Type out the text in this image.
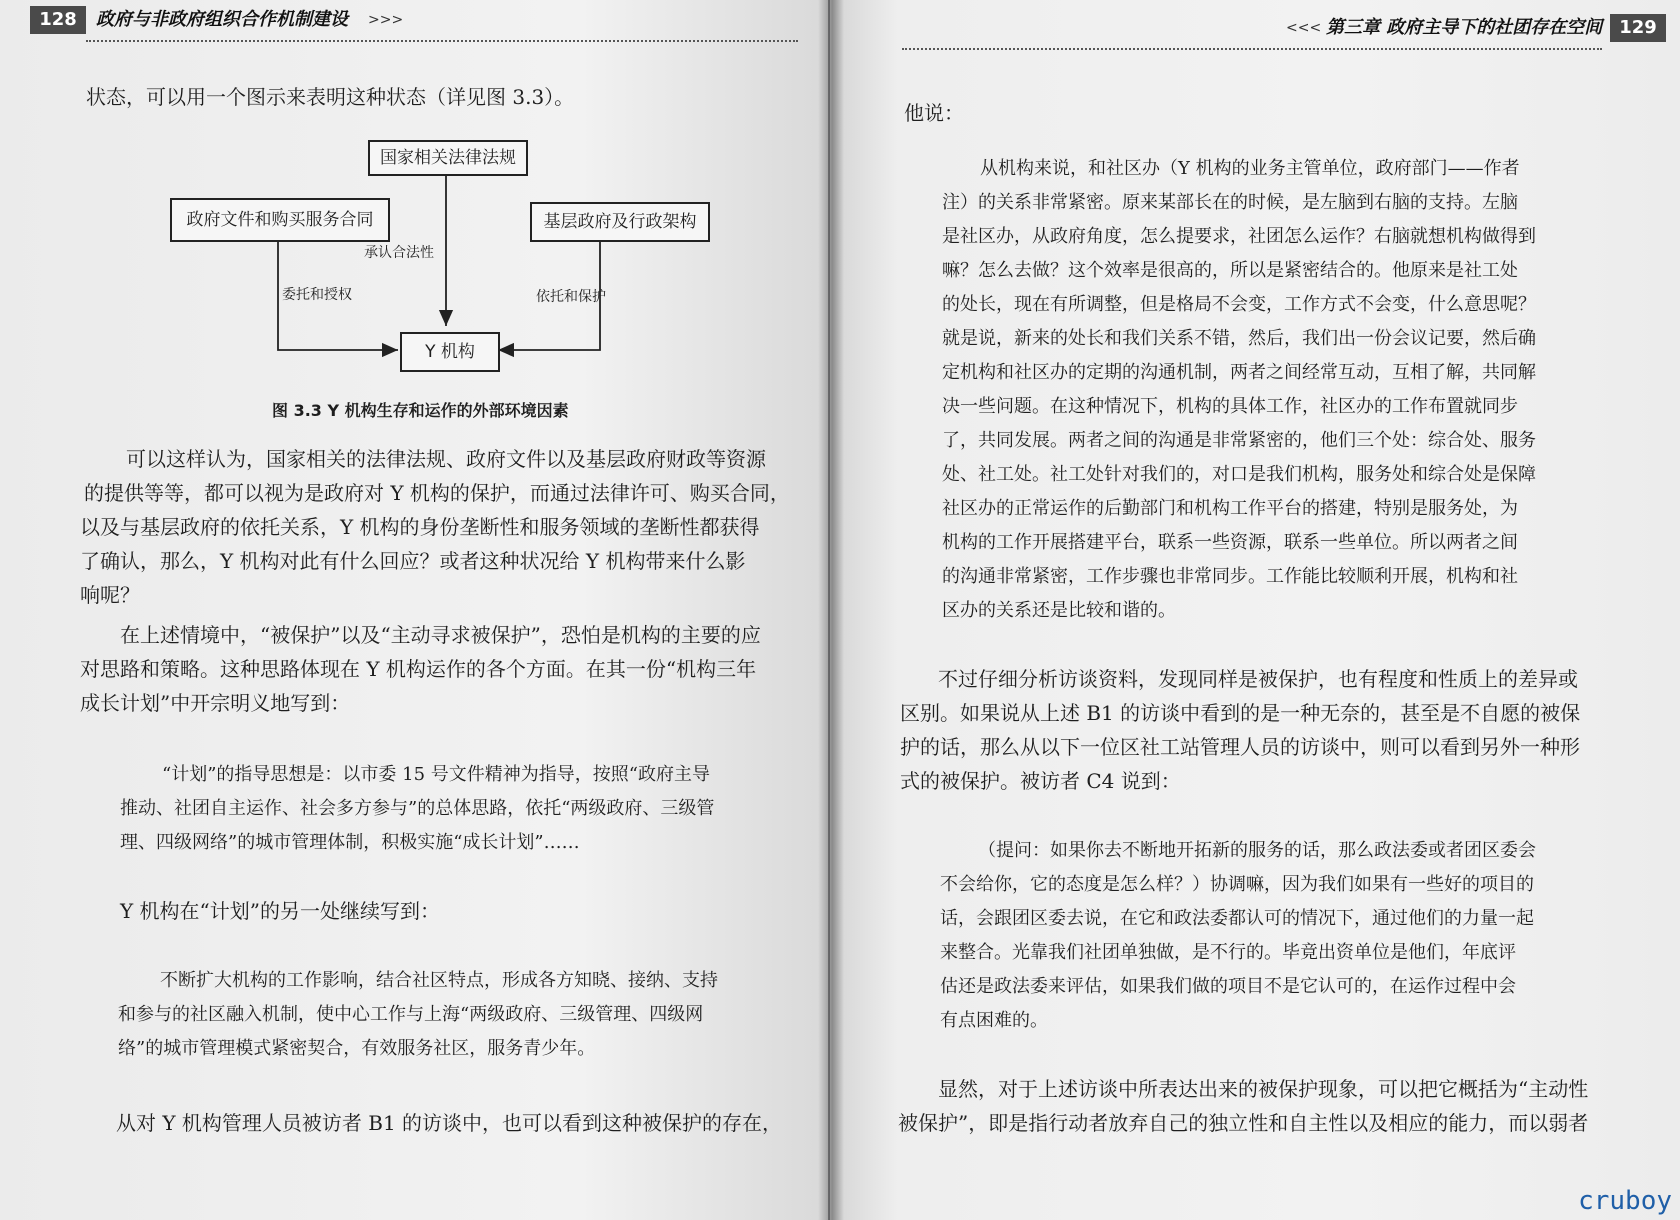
128	政府与非政府组织合作机制建设 >>>
状态，可以用一个图示来表明这种状态（详见图 3.3）。
国家相关法律法规
政府文件和购买服务合同	基层政府及行政架构
Y 机构
承认合法性
委托和授权	依托和保护
图 3.3 Y 机构生存和运作的外部环境因素
可以这样认为，国家相关的法律法规、政府文件以及基层政府财政等资源
的提供等等，都可以视为是政府对 Y 机构的保护，而通过法律许可、购买合同，
以及与基层政府的依托关系，Y 机构的身份垄断性和服务领域的垄断性都获得
了确认，那么，Y 机构对此有什么回应？或者这种状况给 Y 机构带来什么影
响呢？
在上述情境中，“被保护”以及“主动寻求被保护”，恐怕是机构的主要的应
对思路和策略。这种思路体现在 Y 机构运作的各个方面。在其一份“机构三年
成长计划”中开宗明义地写到：
“计划”的指导思想是：以市委 15 号文件精神为指导，按照“政府主导
推动、社团自主运作、社会多方参与”的总体思路，依托“两级政府、三级管
理、四级网络”的城市管理体制，积极实施“成长计划”……
Y 机构在“计划”的另一处继续写到：
不断扩大机构的工作影响，结合社区特点，形成各方知晓、接纳、支持
和参与的社区融入机制，使中心工作与上海“两级政府、三级管理、四级网
络”的城市管理模式紧密契合，有效服务社区，服务青少年。
从对 Y 机构管理人员被访者 B1 的访谈中，也可以看到这种被保护的存在，
<<< 第三章 政府主导下的社团存在空间 129
他说：
从机构来说，和社区办（Y 机构的业务主管单位，政府部门——作者
注）的关系非常紧密。原来某部长在的时候，是左脑到右脑的支持。左脑
是社区办，从政府角度，怎么提要求，社团怎么运作？右脑就想机构做得到
嘛？怎么去做？这个效率是很高的，所以是紧密结合的。他原来是社工处
的处长，现在有所调整，但是格局不会变，工作方式不会变，什么意思呢？
就是说，新来的处长和我们关系不错，然后，我们出一份会议记要，然后确
定机构和社区办的定期的沟通机制，两者之间经常互动，互相了解，共同解
决一些问题。在这种情况下，机构的具体工作，社区办的工作布置就同步
了，共同发展。两者之间的沟通是非常紧密的，他们三个处：综合处、服务
处、社工处。社工处针对我们的，对口是我们机构，服务处和综合处是保障
社区办的正常运作的后勤部门和机构工作平台的搭建，特别是服务处，为
机构的工作开展搭建平台，联系一些资源，联系一些单位。所以两者之间
的沟通非常紧密，工作步骤也非常同步。工作能比较顺利开展，机构和社
区办的关系还是比较和谐的。
不过仔细分析访谈资料，发现同样是被保护，也有程度和性质上的差异或
区别。如果说从上述 B1 的访谈中看到的是一种无奈的，甚至是不自愿的被保
护的话，那么从以下一位区社工站管理人员的访谈中，则可以看到另外一种形
式的被保护。被访者 C4 说到：
（提问：如果你去不断地开拓新的服务的话，那么政法委或者团区委会
不会给你，它的态度是怎么样？）协调嘛，因为我们如果有一些好的项目的
话，会跟团区委去说，在它和政法委都认可的情况下，通过他们的力量一起
来整合。光靠我们社团单独做，是不行的。毕竟出资单位是他们，年底评
估还是政法委来评估，如果我们做的项目不是它认可的，在运作过程中会
有点困难的。
显然，对于上述访谈中所表达出来的被保护现象，可以把它概括为“主动性
被保护”，即是指行动者放弃自己的独立性和自主性以及相应的能力，而以弱者
cruboy
